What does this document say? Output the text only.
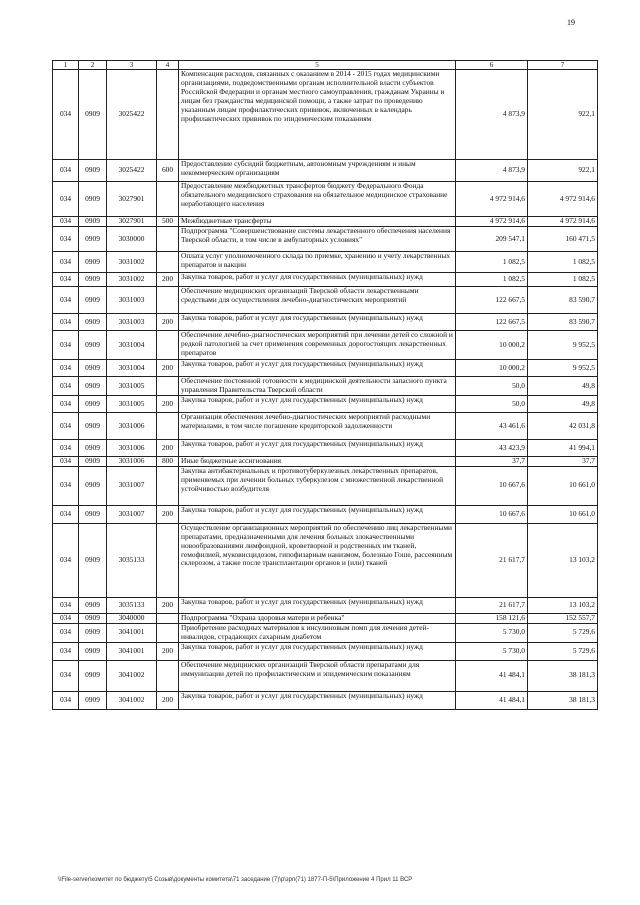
19
1	2	3	4	5	6	7
034	0909	3025422		Компенсация расходов, связанных с оказанием в 2014 - 2015 годах медицинскими организациями, подведомственными органам исполнительной власти субъектов Российской Федерации и органам местного самоуправления, гражданам Украины и лицам без гражданства медицинской помощи, а также затрат по проведению указанным лицам профилактических прививок, включенных в календарь профилактических прививок по эпидемическим показаниям	4 873,9	922,1
034	0909	3025422	600	Предоставление субсидий бюджетным, автономным учреждениям и иным некоммерческим организациям	4 873,9	922,1
034	0909	3027901		Предоставление межбюджетных трансфертов бюджету Федерального Фонда обязательного медицинского страхования на обязательное медицинское страхование неработающего населения	4 972 914,6	4 972 914,6
034	0909	3027901	500	Межбюджетные трансферты	4 972 914,6	4 972 914,6
034	0909	3030000		Подпрограмма "Совершенствование системы лекарственного обеспечения населения Тверской области, в том числе в амбулаторных условиях"	209 547,1	160 471,5
034	0909	3031002		Оплата услуг уполномоченного склада по приемке, хранению и учету лекарственных препаратов и вакцин	1 082,5	1 082,5
034	0909	3031002	200	Закупка товаров, работ и услуг для государственных (муниципальных) нужд	1 082,5	1 082,5
034	0909	3031003		Обеспечение медицинских организаций Тверской области лекарственными средствами для осуществления лечебно-диагностических мероприятий	122 667,5	83 590,7
034	0909	3031003	200	Закупка товаров, работ и услуг для государственных (муниципальных) нужд	122 667,5	83 590,7
034	0909	3031004		Обеспечение лечебно-диагностических мероприятий при лечении детей со сложной и редкой патологией за счет применения современных дорогостоящих лекарственных препаратов	10 000,2	9 952,5
034	0909	3031004	200	Закупка товаров, работ и услуг для государственных (муниципальных) нужд	10 000,2	9 952,5
034	0909	3031005		Обеспечение постоянной готовности к медицинской деятельности запасного пункта управления Правительства Тверской области	50,0	49,8
034	0909	3031005	200	Закупка товаров, работ и услуг для государственных (муниципальных) нужд	50,0	49,8
034	0909	3031006		Организация обеспечения лечебно-диагностических мероприятий расходными материалами, в том числе погашение кредиторской задолженности	43 461,6	42 031,8
034	0909	3031006	200	Закупка товаров, работ и услуг для государственных (муниципальных) нужд	43 423,9	41 994,1
034	0909	3031006	800	Иные бюджетные ассигнования	37,7	37,7
034	0909	3031007		Закупка антибактериальных и противотуберкулезных лекарственных препаратов, применяемых при лечении больных туберкулезом с множественной лекарственной устойчивостью возбудителя	10 667,6	10 661,0
034	0909	3031007	200	Закупка товаров, работ и услуг для государственных (муниципальных) нужд	10 667,6	10 661,0
034	0909	3035133		Осуществление организационных мероприятий по обеспечению лиц лекарственными препаратами, предназначенными для лечения больных злокачественными новообразованиями лимфоидной, кроветворной и родственных им тканей, гемофилией, муковисцидозом, гипофизарным нанизмом, болезнью Гоше, рассеянным склерозом, а также после трансплантации органов и (или) тканей	21 617,7	13 103,2
034	0909	3035133	200	Закупка товаров, работ и услуг для государственных (муниципальных) нужд	21 617,7	13 103,2
034	0909	3040000		Подпрограмма "Охрана здоровья матери и ребенка"	158 121,6	152 557,7
034	0909	3041001		Приобретение расходных материалов к инсулиновым помп для лечения детей-инвалидов, страдающих сахарным диабетом	5 730,0	5 729,6
034	0909	3041001	200	Закупка товаров, работ и услуг для государственных (муниципальных) нужд	5 730,0	5 729,6
034	0909	3041002		Обеспечение медицинских организаций Тверской области препаратами для иммунизации детей по профилактическим и эпидемическим показаниям	41 484,1	38 181,3
034	0909	3041002	200	Закупка товаров, работ и услуг для государственных (муниципальных) нужд	41 484,1	38 181,3
\\File-server\комитет по бюджету\5 Созыв\документы комитета\71 заседание (7)\р\зрп(71) 1877-П-5\Приложение 4 Прил 11 ВСР
